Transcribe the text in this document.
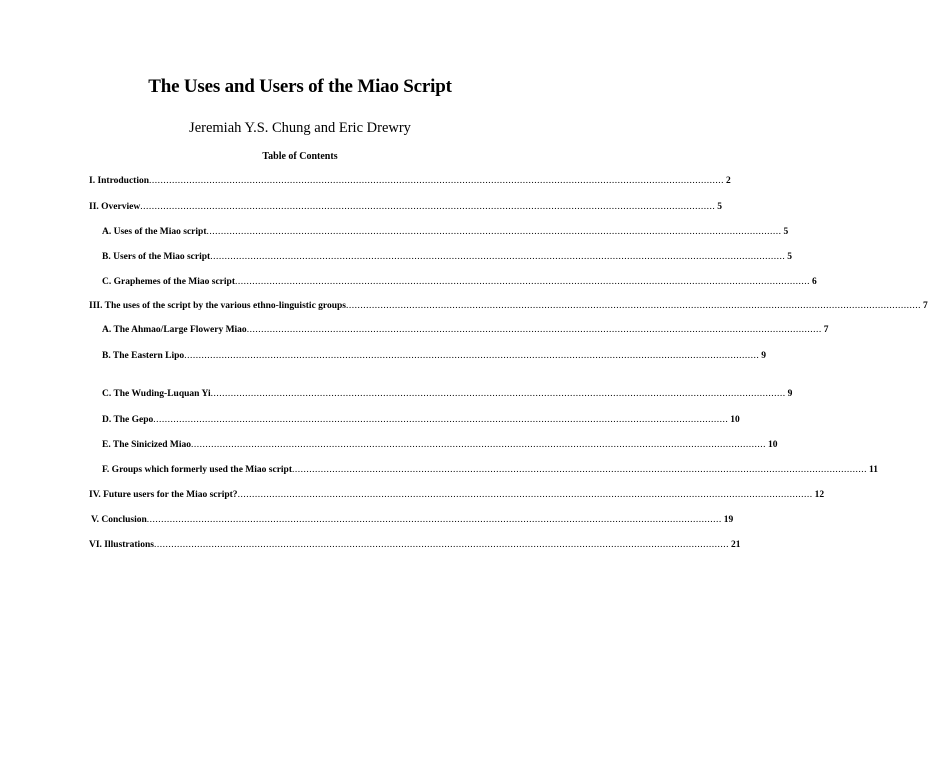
The Uses and Users of the Miao Script
Jeremiah Y.S. Chung and Eric Drewry
Table of Contents
I. Introduction ........................................................................................................................................................................................................ 2
II. Overview ........................................................................................................................................................................................................ 5
A. Uses of the Miao script ........................................................................................................................................................................................................ 5
B. Users of the Miao script ........................................................................................................................................................................................................ 5
C. Graphemes of the Miao script ........................................................................................................................................................................................................ 6
III. The uses of the script by the various ethno-linguistic groups ........................................................................................................................................................................................................ 7
A. The Ahmao/Large Flowery Miao ........................................................................................................................................................................................................ 7
B. The Eastern Lipo ........................................................................................................................................................................................................ 9
C. The Wuding-Luquan Yi ........................................................................................................................................................................................................ 9
D. The Gepo ........................................................................................................................................................................................................ 10
E. The Sinicized Miao ........................................................................................................................................................................................................ 10
F. Groups which formerly used the Miao script ........................................................................................................................................................................................................ 11
IV. Future users for the Miao script? ........................................................................................................................................................................................................ 12
V. Conclusion ........................................................................................................................................................................................................ 19
VI. Illustrations ........................................................................................................................................................................................................ 21
